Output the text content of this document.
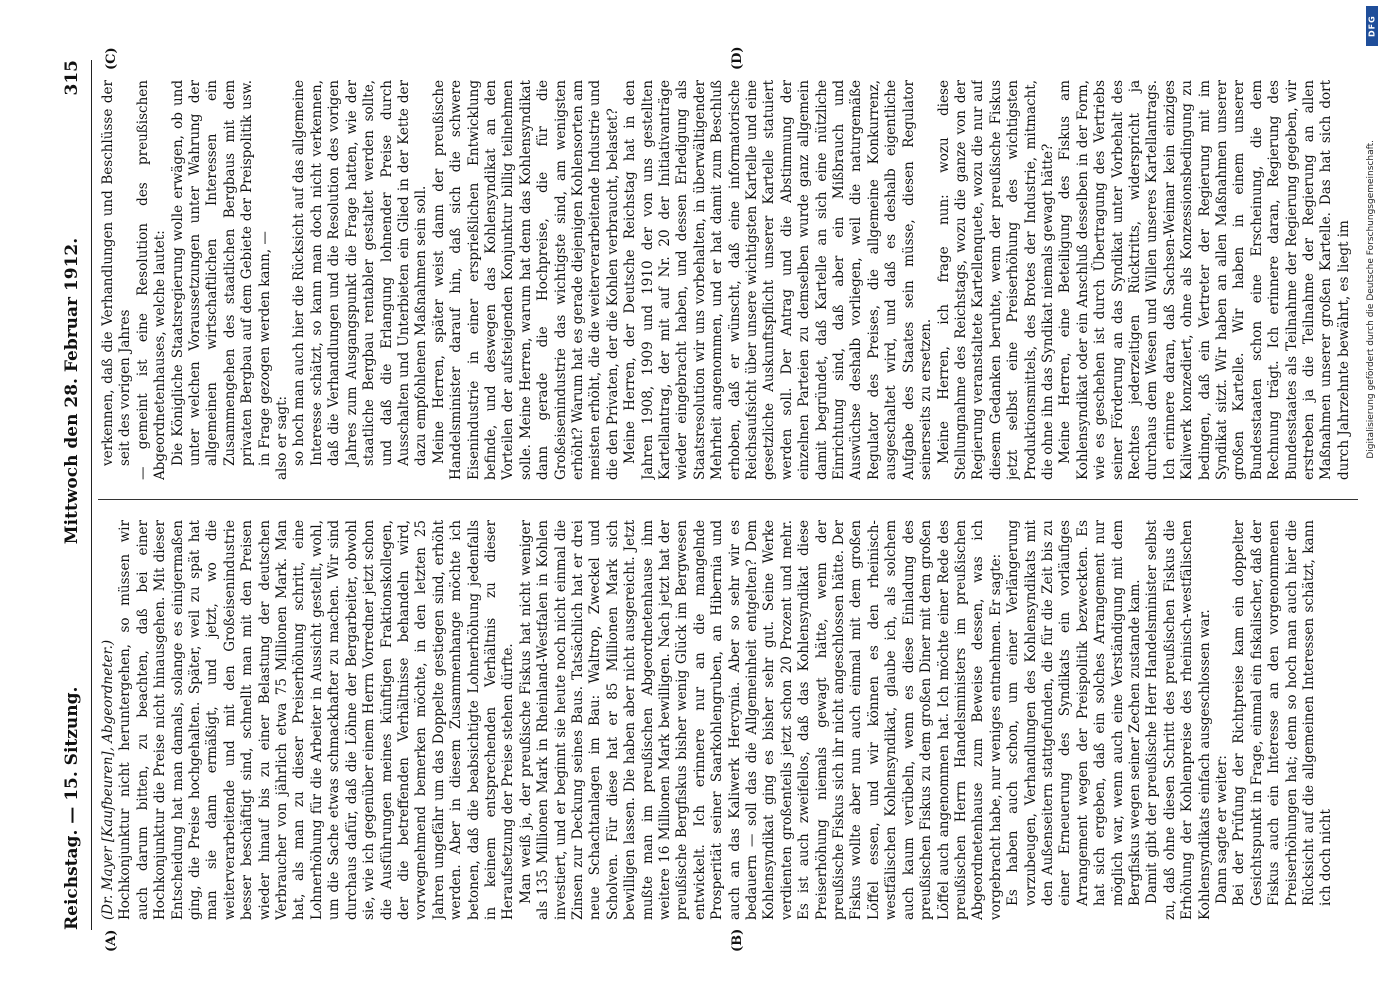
Reichstag. — 15. Sitzung.
Mittwoch den 28. Februar 1912.
315
(A)	(B)
(C)	(D)

(Dr. Mayer [Kaufbeuren], Abgeordneter.) Hochkonjunktur nicht heruntergehen, so müssen wir auch darum bitten, zu beachten, daß bei einer Hochkonjunktur die Preise nicht hinausgehen. Mit dieser Entscheidung hat man damals, solange es einigermaßen ging, die Preise hochgehalten. Später, weil zu spät hat man sie dann ermäßigt, und jetzt, wo die weiterverarbeitende und mit den Großeisenindustrie besser beschäftigt sind, schnellt man mit den Preisen wieder hinauf bis zu einer Belastung der deutschen Verbraucher von jährlich etwa 75 Millionen Mark. Man hat, als man zu dieser Preiserhöhung schritt, eine Lohnerhöhung für die Arbeiter in Aussicht gestellt, wohl, um die Sache etwas schmackhafter zu machen. Wir sind durchaus dafür, daß die Löhne der Bergarbeiter, obwohl sie, wie ich gegenüber einem Herrn Vorredner jetzt schon die Ausführungen meines künftigen Fraktionskollegen, der die betreffenden Verhältnisse behandeln wird, vorwegnehmend bemerken möchte, in den letzten 25 Jahren ungefähr um das Doppelte gestiegen sind, erhöht werden. Aber in diesem Zusammenhange möchte ich betonen, daß die beabsichtigte Lohnerhöhung jedenfalls in keinem entsprechenden Verhältnis zu dieser Heraufsetzung der Preise stehen dürfte. Man weiß ja, der preußische Fiskus hat nicht weniger als 135 Millionen Mark in Rheinland-Westfalen in Kohlen investiert, und er beginnt sie heute noch nicht einmal die Zinsen zur Deckung seines Baus. Tatsächlich hat er drei neue Schachtanlagen im Bau: Waltrop, Zweckel und Scholven. Für diese hat er 85 Millionen Mark sich bewilligen lassen. Die haben aber nicht ausgereicht. Jetzt mußte man im preußischen Abgeordnetenhause ihm weitere 16 Millionen Mark bewilligen. Nach jetzt hat der preußische Bergfiskus bisher wenig Glück im Bergwesen entwickelt. Ich erinnere nur an die mangelnde Prosperität seiner Saarkohlengruben, an Hibernia und auch an das Kaliwerk Hercynia. Aber so sehr wir es bedauern — soll das die Allgemeinheit entgelten? Dem Kohlensyndikat ging es bisher sehr gut. Seine Werke verdienten großenteils jetzt schon 20 Prozent und mehr. Es ist auch zweifellos, daß das Kohlensyndikat diese Preiserhöhung niemals gewagt hätte, wenn der preußische Fiskus sich ihr nicht angeschlossen hätte. Der Fiskus wollte aber nun auch einmal mit dem großen Löffel essen, und wir können es den rheinisch-westfälischen Kohlensyndikat, glaube ich, als solchem auch kaum verübeln, wenn es diese Einladung des preußischen Fiskus zu dem großen Diner mit dem großen Löffel auch angenommen hat. Ich möchte einer Rede des preußischen Herrn Handelsministers im preußischen Abgeordnetenhause zum Beweise dessen, was ich vorgebracht habe, nur weniges entnehmen. Er sagte: Es haben auch schon, um einer Verlängerung vorzubeugen, Verhandlungen des Kohlensyndikats mit den Außenseitern stattgefunden, die für die Zeit bis zu einer Erneuerung des Syndikats ein vorläufiges Arrangement wegen der Preispolitik bezweckten. Es hat sich ergeben, daß ein solches Arrangement nur möglich war, wenn auch eine Verständigung mit dem Bergfiskus wegen seiner Zechen zustande kam. Damit gibt der preußische Herr Handelsminister selbst zu, daß ohne diesen Schritt des preußischen Fiskus die Erhöhung der Kohlenpreise des rheinisch-westfälischen Kohlensyndikats einfach ausgeschlossen war. Dann sagte er weiter: Bei der Prüfung der Richtpreise kam ein doppelter Gesichtspunkt in Frage, einmal ein fiskalischer, daß der Fiskus auch ein Interesse an den vorgenommenen Preiserhöhungen hat; denn so hoch man auch hier die Rücksicht auf die allgemeinen Interessen schätzt, kann ich doch nicht

verkennen, daß die Verhandlungen und Beschlüsse der seit des vorigen Jahres — gemeint ist eine Resolution des preußischen Abgeordnetenhauses, welche lautet: Die Königliche Staatsregierung wolle erwägen, ob und unter welchen Voraussetzungen unter Wahrung der allgemeinen wirtschaftlichen Interessen ein Zusammengehen des staatlichen Bergbaus mit dem privaten Bergbau auf dem Gebiete der Preispolitik usw. in Frage gezogen werden kann, — also er sagt: so hoch man auch hier die Rücksicht auf das allgemeine Interesse schätzt, so kann man doch nicht verkennen, daß die Verhandlungen und die Resolution des vorigen Jahres zum Ausgangspunkt die Frage hatten, wie der staatliche Bergbau rentabler gestaltet werden sollte, und daß die Erlangung lohnender Preise durch Ausschalten und Unterbieten ein Glied in der Kette der dazu empfohlenen Maßnahmen sein soll. Meine Herren, später weist dann der preußische Handelsminister darauf hin, daß sich die schwere Eisenindustrie in einer ersprießlichen Entwicklung befinde, und deswegen das Kohlensyndikat an den Vorteilen der aufsteigenden Konjunktur billig teilnehmen solle. Meine Herren, warum hat denn das Kohlensyndikat dann gerade die Hochpreise, die für die Großeisenindustrie das wichtigste sind, am wenigsten erhöht? Warum hat es gerade diejenigen Kohlensorten am meisten erhöht, die die weiterverarbeitende Industrie und die den Privaten, der die Kohlen verbraucht, belastet? Meine Herren, der Deutsche Reichstag hat in den Jahren 1908, 1909 und 1910 der von uns gestellten Kartellantrag, der mit auf Nr. 20 der Initiativanträge wieder eingebracht haben, und dessen Erledigung als Staatsresolution wir uns vorbehalten, in überwältigender Mehrheit angenommen, und er hat damit zum Beschluß erhoben, daß er wünscht, daß eine informatorische Reichsaufsicht über unsere wichtigsten Kartelle und eine gesetzliche Auskunftspflicht unserer Kartelle statuiert werden soll. Der Antrag und die Abstimmung der einzelnen Parteien zu demselben wurde ganz allgemein damit begründet, daß Kartelle an sich eine nützliche Einrichtung sind, daß aber ein Mißbrauch und Auswüchse deshalb vorliegen, weil die naturgemäße Regulator des Preises, die allgemeine Konkurrenz, ausgeschaltet wird, und daß es deshalb eigentliche Aufgabe des Staates sein müsse, diesen Regulator seinerseits zu ersetzen. Meine Herren, ich frage nun: wozu diese Stellungnahme des Reichstags, wozu die ganze von der Regierung veranstaltete Kartellenquete, wozu die nur auf diesem Gedanken beruhte, wenn der preußische Fiskus jetzt selbst eine Preiserhöhung des wichtigsten Produktionsmittels, des Brotes der Industrie, mitmacht, die ohne ihn das Syndikat niemals gewagt hätte? Meine Herren, eine Beteiligung des Fiskus am Kohlensyndikat oder ein Anschluß desselben in der Form, wie es geschehen ist durch Übertragung des Vertriebs seiner Förderung an das Syndikat unter Vorbehalt des Rechtes jederzeitigen Rücktritts, widerspricht ja durchaus dem Wesen und Willen unseres Kartellantrags. Ich erinnere daran, daß Sachsen-Weimar kein einziges Kaliwerk konzediert, ohne als Konzessionsbedingung zu bedingen, daß ein Vertreter der Regierung mit im Syndikat sitzt. Wir haben an allen Maßnahmen unserer großen Kartelle. Wir haben in einem unserer Bundesstaaten schon eine Erscheinung, die dem Rechnung trägt. Ich erinnere daran, Regierung des Bundesstaates als Teilnahme der Regierung gegeben, wir erstreben ja die Teilnahme der Regierung an allen Maßnahmen unserer großen Kartelle. Das hat sich dort durch Jahrzehnte bewährt, es liegt im

DFG
Digitalisierung gefördert durch die Deutsche Forschungsgemeinschaft.
